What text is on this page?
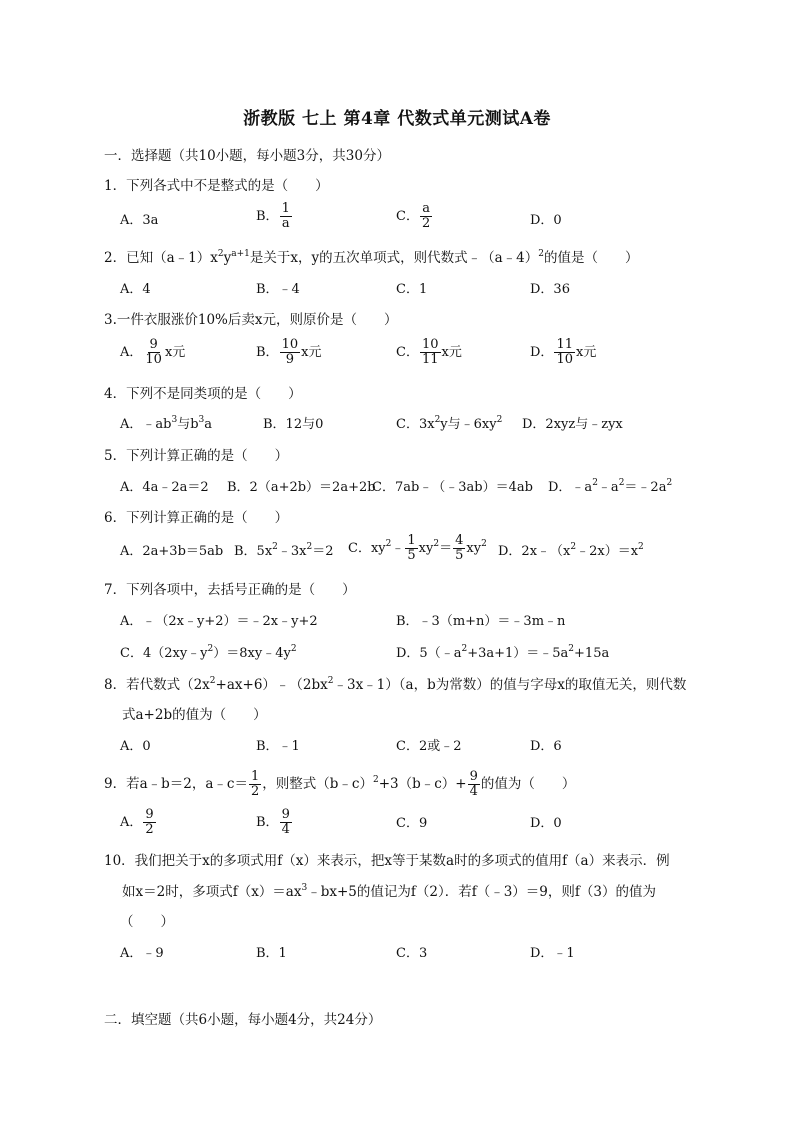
浙教版 七上 第4章 代数式单元测试A卷
一．选择题（共10小题，每小题3分，共30分）
1．下列各式中不是整式的是（　　）
A．3a	B． $\frac{1}{a}$	C． $\frac{a}{2}$	D．0
2．已知$(a﹣1)x^2y^{a+1}$是关于x，y的五次单项式，则代数式﹣（a﹣4）$^2$的值是（　　）
A．4	B．﹣4	C．1	D．36
3.一件衣服涨价10%后卖x元，则原价是（　　）
A． $\frac{9}{10}$ x元	B． $\frac{10}{9}$ x元	C． $\frac{10}{11}$ x元	D． $\frac{11}{10}$ x元
4．下列不是同类项的是（　　）
A．$﹣ab^3$与$b^3a$	B．12与0	C．$3x^2y$与$﹣6xy^2$ D．2xyz与﹣zyx
5．下列计算正确的是（　　）
A．4a﹣2a＝2 B．2（a+2b）＝2a+2b
C．7ab﹣（﹣3ab）＝4ab D．$﹣a^2﹣a^2=﹣2a^2$
6．下列计算正确的是（　　）
A．2a+3b＝5ab B．$5x^2﹣3x^2=2$ C．$xy^2﹣ \frac{1}{5} xy^2= \frac{4}{5} xy^2$ D．$2x﹣(x^2﹣2x)=x^2$
7．下列各项中，去括号正确的是（　　）
A．﹣（2x﹣y+2）＝﹣2x﹣y+2	B．﹣3（m+n）＝﹣3m﹣n
C．$4(2xy﹣y^2)=8xy﹣4y^2$	D．$5(﹣a^2+3a+1)=﹣5a^2+15a$
8．若代数式$(2x^2+ax+6)﹣(2bx^2﹣3x﹣1)(a$，b为常数）的值与字母x的取值无关，则代数
式a+2b的值为（　　）
A．0	B．﹣1	C．2或﹣2	D．6
9．若a﹣b＝2，a﹣c＝ $\frac{1}{2}$ ，则整式（b﹣c）$^2$+3（b﹣c）+ $\frac{9}{4}$ 的值为（　　）
A． $\frac{9}{2}$	B． $\frac{9}{4}$	C．9	D．0
10．我们把关于x的多项式用f（x）来表示，把x等于某数a时的多项式的值用f（a）来表示．例
如x＝2时，多项式$f(x)=ax^3﹣bx+5$的值记为f（2）．若f（﹣3）＝9，则f（3）的值为
（　　）
A．﹣9	B．1	C．3	D．﹣1
二．填空题（共6小题，每小题4分，共24分）
